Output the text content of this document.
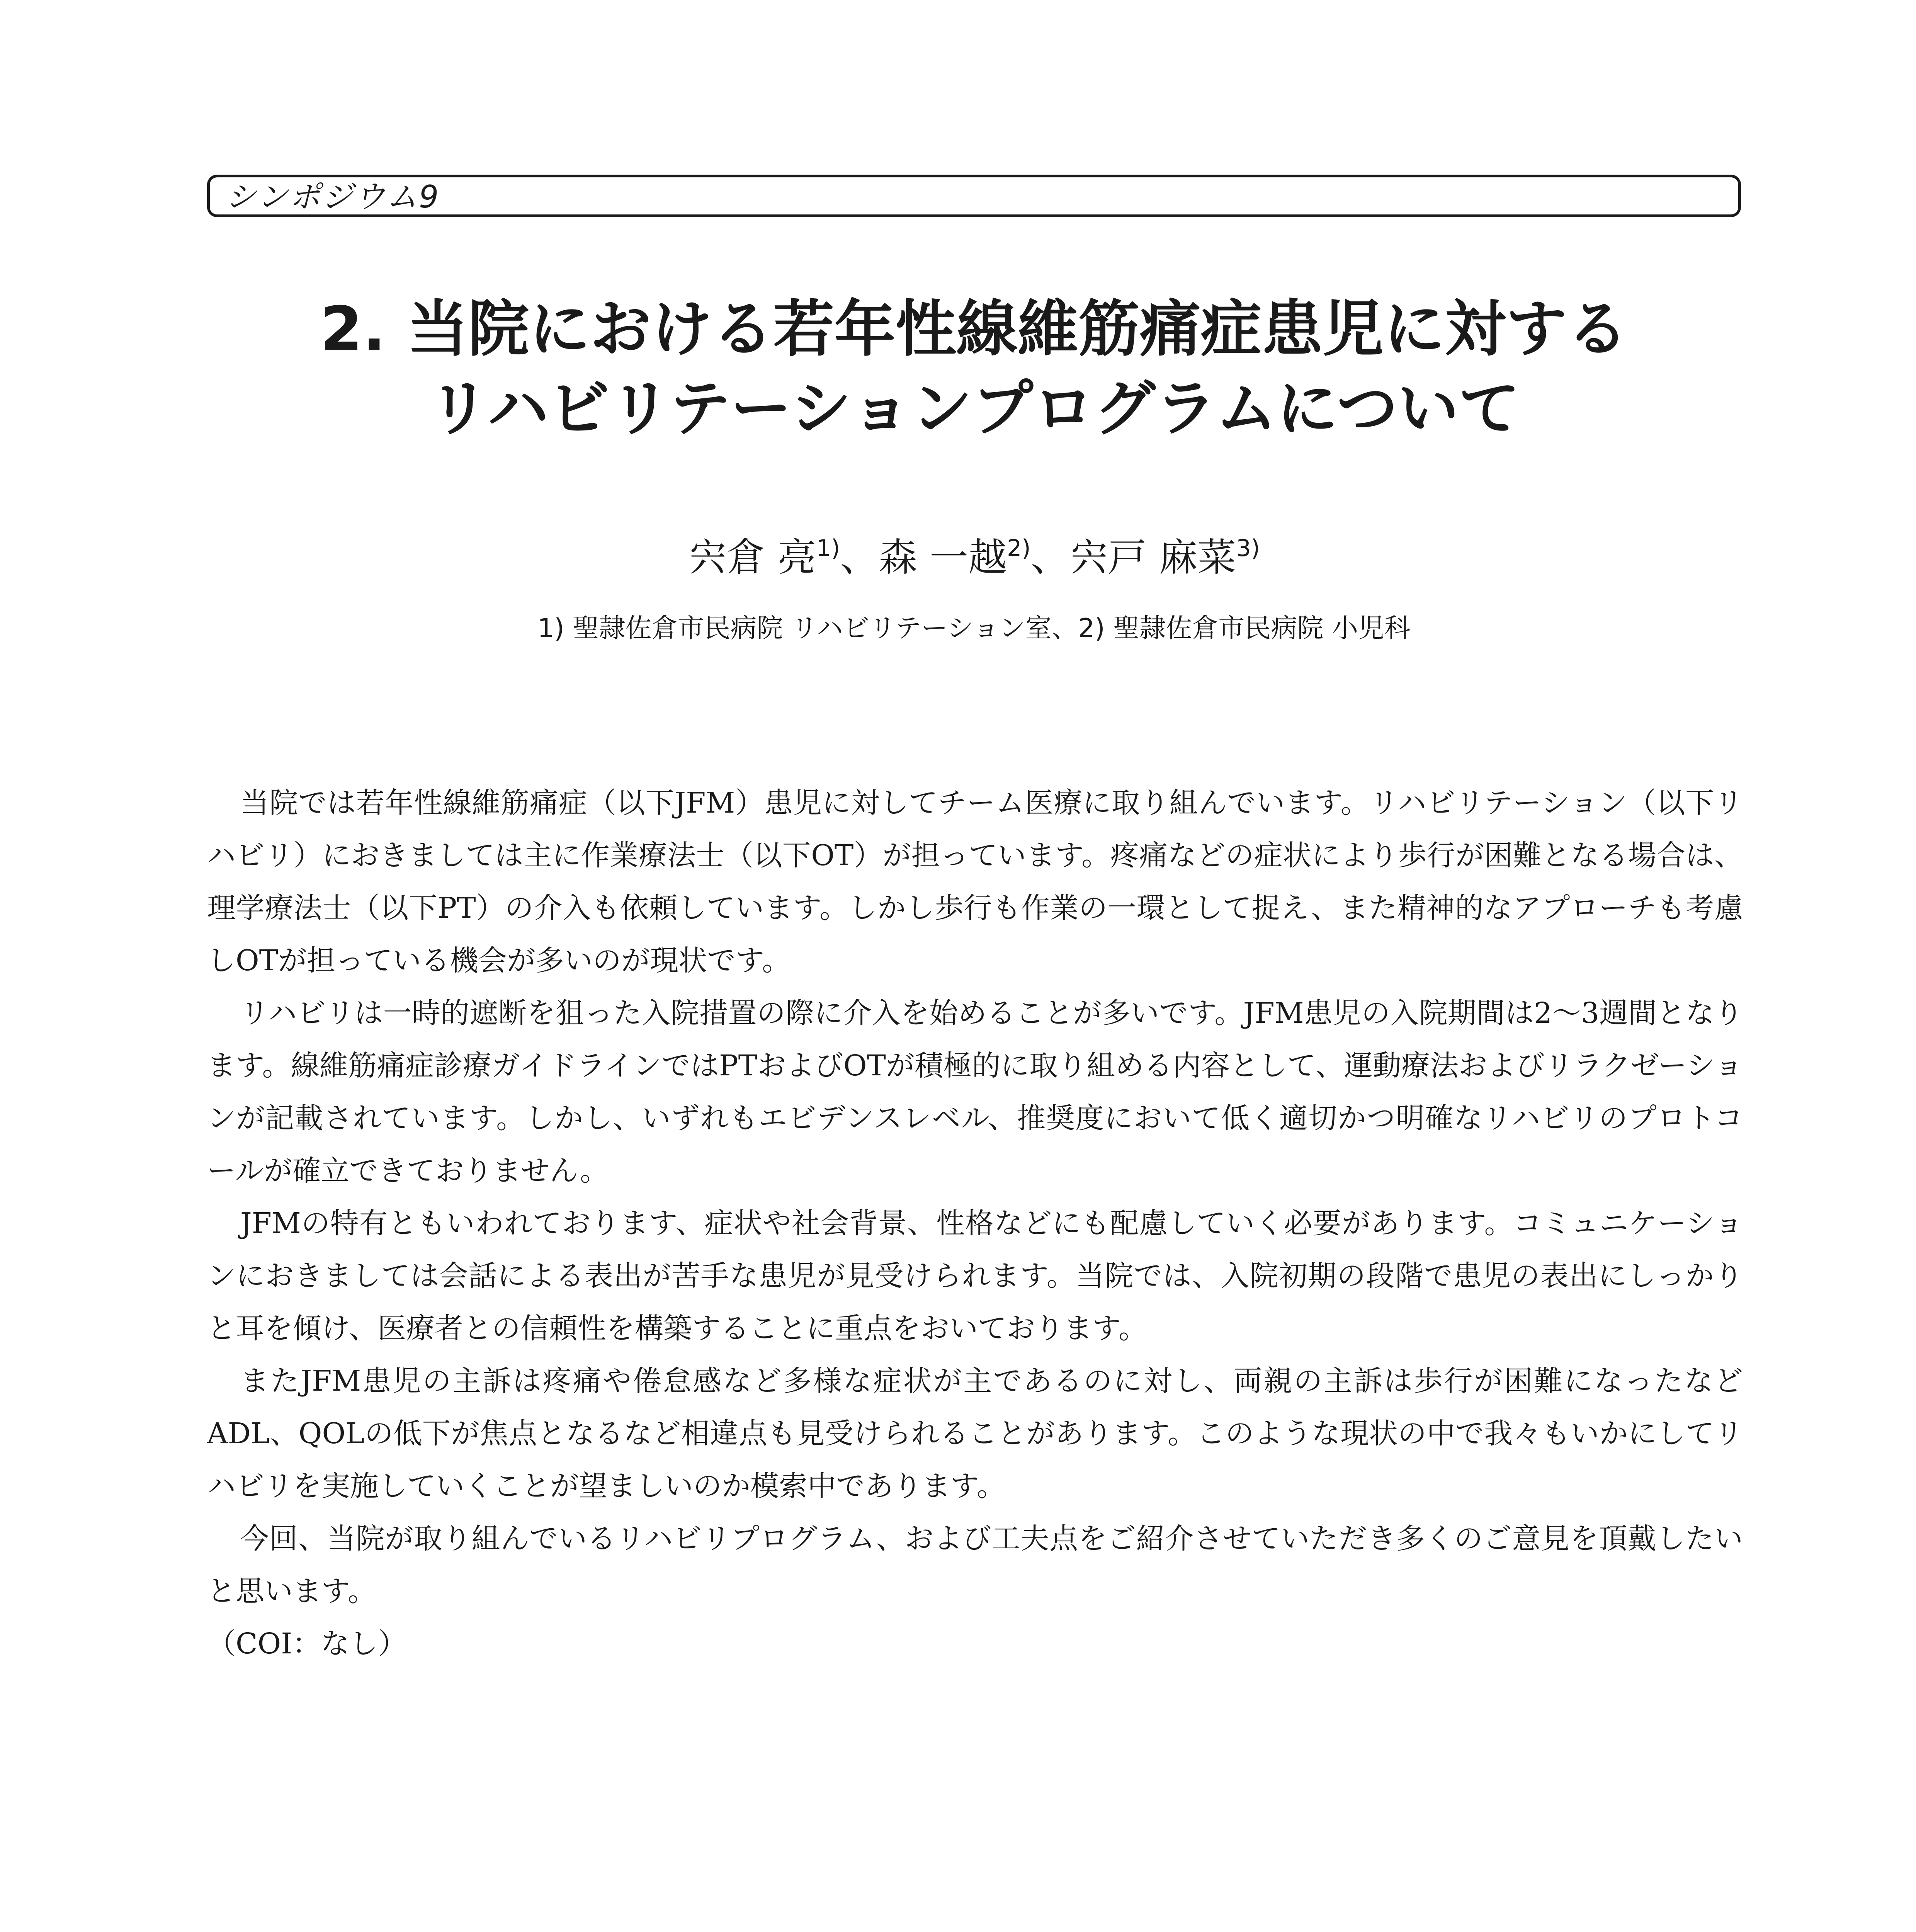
シンポジウム9
2. 当院における若年性線維筋痛症患児に対する
リハビリテーションプログラムについて
宍倉 亮$^{1)}$、森 一越$^{2)}$、宍戸 麻菜$^{3)}$
1) 聖隷佐倉市民病院 リハビリテーション室、2) 聖隷佐倉市民病院 小児科

当院では若年性線維筋痛症（以下JFM）患児に対してチーム医療に取り組んでいます。リハビリテーション（以下リハビリ）におきましては主に作業療法士（以下OT）が担っています。疼痛などの症状により歩行が困難となる場合は、理学療法士（以下PT）の介入も依頼しています。しかし歩行も作業の一環として捉え、また精神的なアプローチも考慮しOTが担っている機会が多いのが現状です。

リハビリは一時的遮断を狙った入院措置の際に介入を始めることが多いです。JFM患児の入院期間は2～3週間となります。線維筋痛症診療ガイドラインではPTおよびOTが積極的に取り組める内容として、運動療法およびリラクゼーションが記載されています。しかし、いずれもエビデンスレベル、推奨度において低く適切かつ明確なリハビリのプロトコールが確立できておりません。

JFMの特有ともいわれております、症状や社会背景、性格などにも配慮していく必要があります。コミュニケーションにおきましては会話による表出が苦手な患児が見受けられます。当院では、入院初期の段階で患児の表出にしっかりと耳を傾け、医療者との信頼性を構築することに重点をおいております。

またJFM患児の主訴は疼痛や倦怠感など多様な症状が主であるのに対し、両親の主訴は歩行が困難になったなどADL、QOLの低下が焦点となるなど相違点も見受けられることがあります。このような現状の中で我々もいかにしてリハビリを実施していくことが望ましいのか模索中であります。

今回、当院が取り組んでいるリハビリプログラム、および工夫点をご紹介させていただき多くのご意見を頂戴したいと思います。

（COI：なし）
